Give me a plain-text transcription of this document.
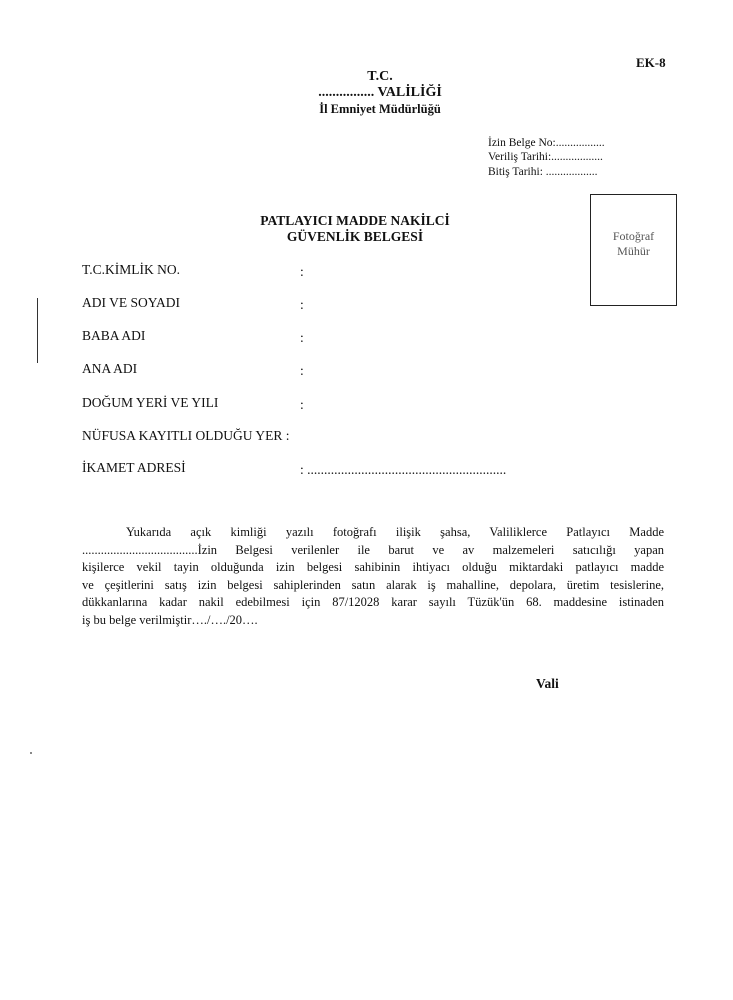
EK-8
T.C.
................ VALİLİĞİ
İl Emniyet Müdürlüğü
İzin Belge No:.................
Veriliş Tarihi:..................
Bitiş Tarihi: ..................
Fotoğraf
Mühür
PATLAYICI MADDE NAKİLCİ
GÜVENLİK BELGESİ
T.C.KİMLİK NO.	:
ADI VE SOYADI	:
BABA ADI	:
ANA ADI	:
DOĞUM YERİ VE YILI	:
NÜFUSA KAYITLI OLDUĞU YER :
İKAMET ADRESİ	: ...........................................................
Yukarıda açık kimliği yazılı fotoğrafı ilişik şahsa, Valiliklerce Patlayıcı Madde
.....................................İzin Belgesi verilenler ile barut ve av malzemeleri satıcılığı yapan
kişilerce vekil tayin olduğunda izin belgesi sahibinin ihtiyacı olduğu miktardaki patlayıcı madde
ve çeşitlerini satış izin belgesi sahiplerinden satın alarak iş mahalline, depolara, üretim tesislerine,
dükkanlarına kadar nakil edebilmesi için 87/12028 karar sayılı Tüzük'ün 68. maddesine istinaden
iş bu belge verilmiştir…./…./20….
Vali
